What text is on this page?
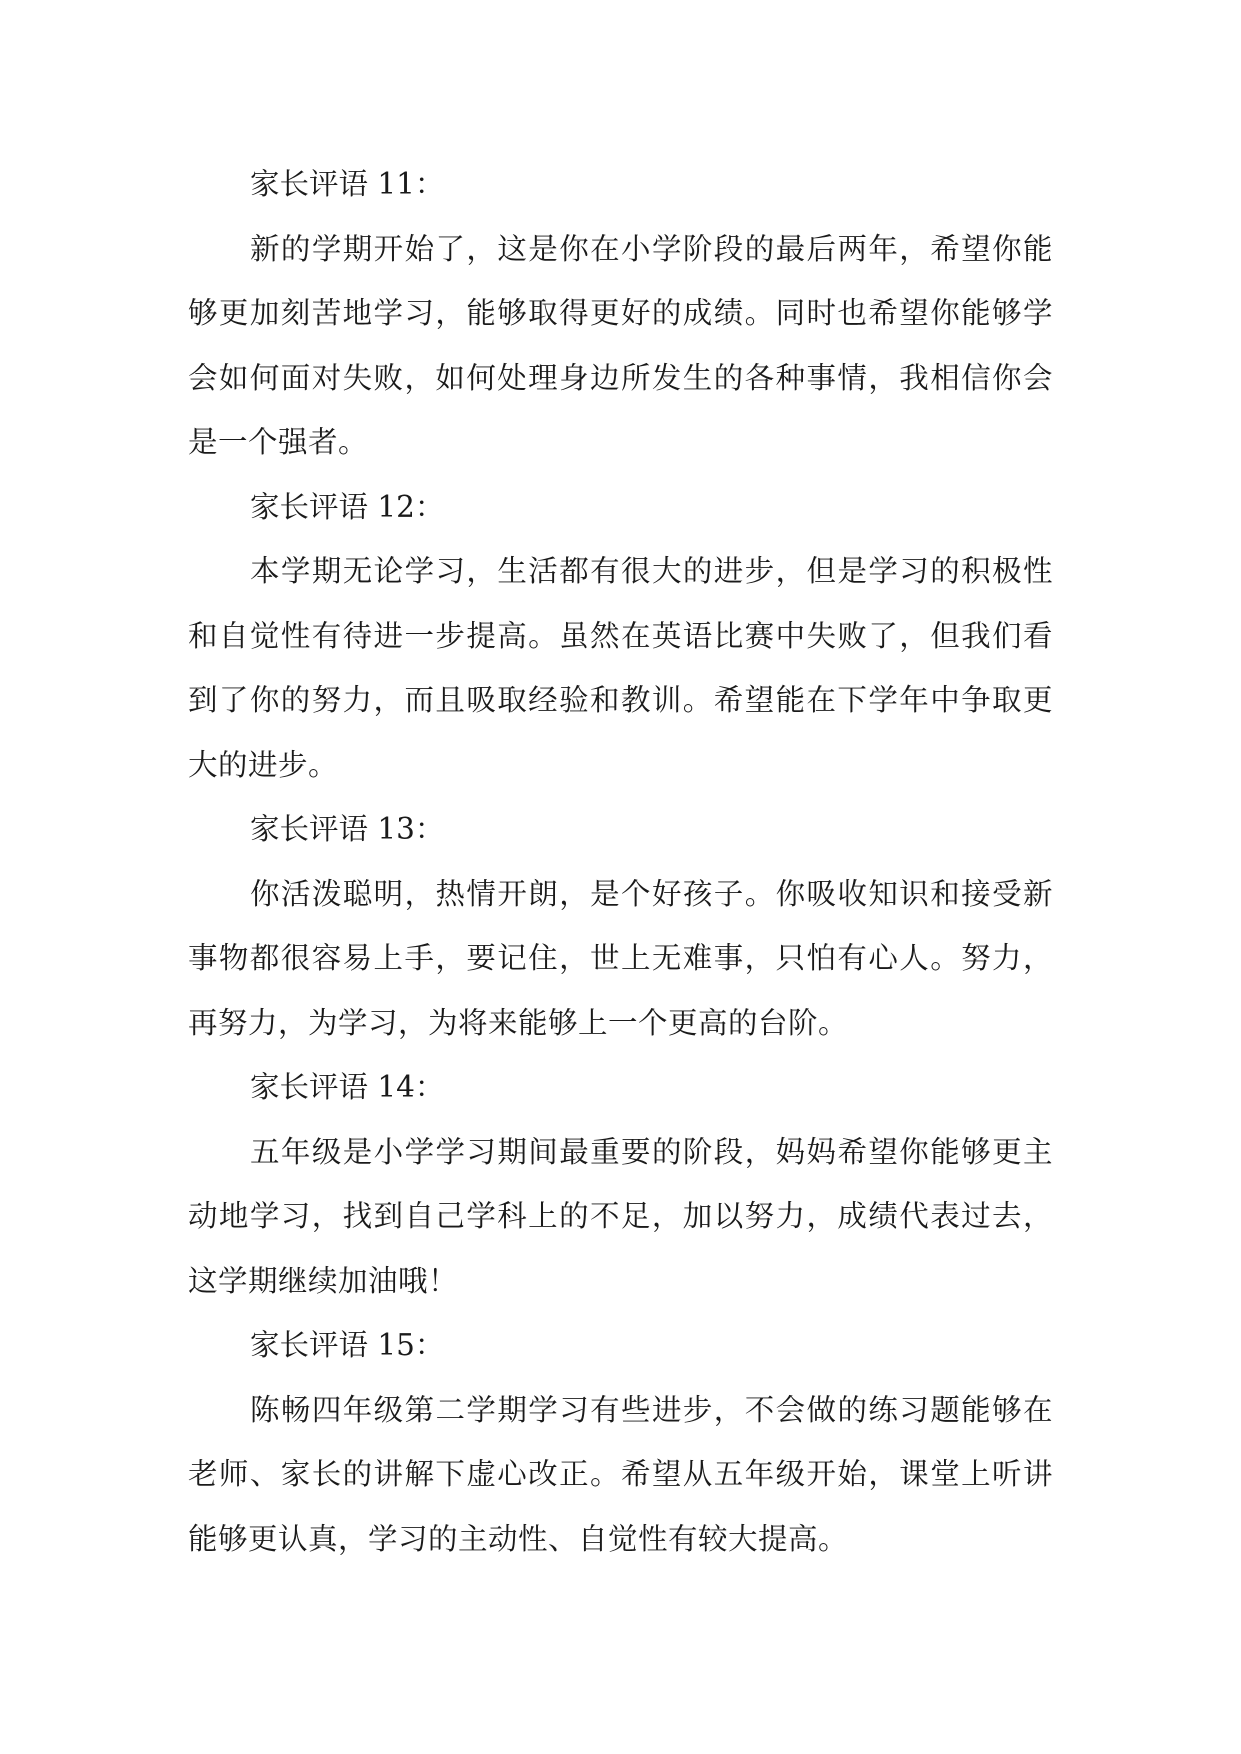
家长评语 11：

新的学期开始了，这是你在小学阶段的最后两年，希望你能够更加刻苦地学习，能够取得更好的成绩。同时也希望你能够学会如何面对失败，如何处理身边所发生的各种事情，我相信你会是一个强者。

家长评语 12：

本学期无论学习，生活都有很大的进步，但是学习的积极性和自觉性有待进一步提高。虽然在英语比赛中失败了，但我们看到了你的努力，而且吸取经验和教训。希望能在下学年中争取更大的进步。

家长评语 13：

你活泼聪明，热情开朗，是个好孩子。你吸收知识和接受新事物都很容易上手，要记住，世上无难事，只怕有心人。努力，再努力，为学习，为将来能够上一个更高的台阶。

家长评语 14：

五年级是小学学习期间最重要的阶段，妈妈希望你能够更主动地学习，找到自己学科上的不足，加以努力，成绩代表过去，这学期继续加油哦！

家长评语 15：

陈畅四年级第二学期学习有些进步，不会做的练习题能够在老师、家长的讲解下虚心改正。希望从五年级开始，课堂上听讲能够更认真，学习的主动性、自觉性有较大提高。
